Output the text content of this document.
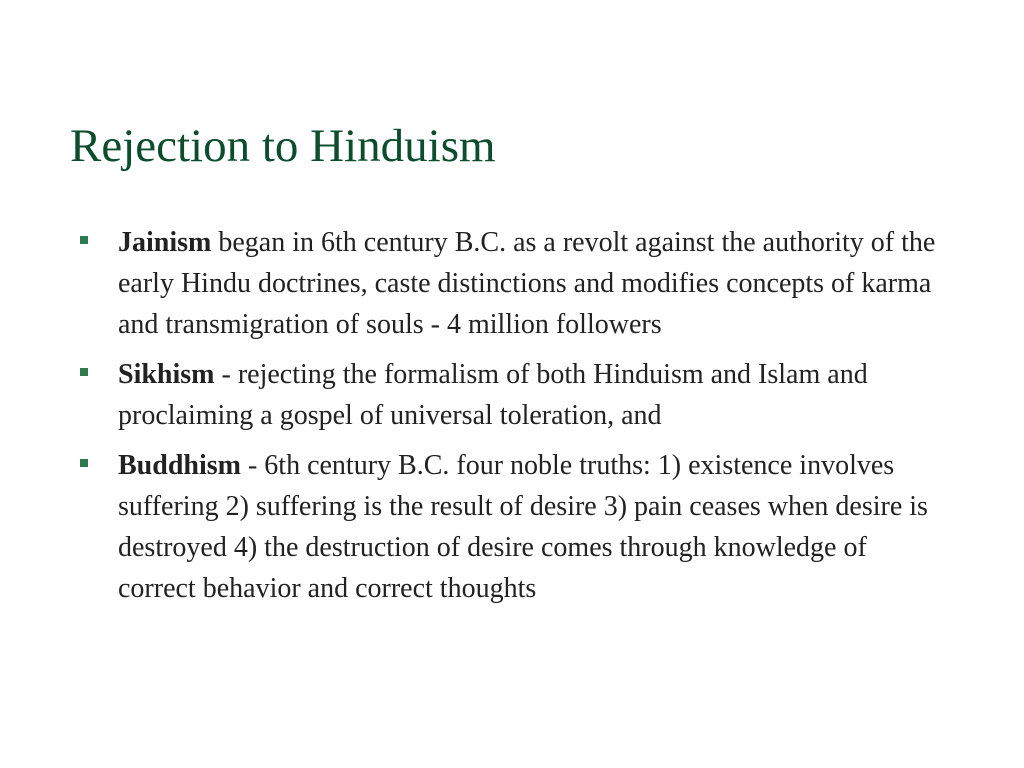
Rejection to Hinduism
Jainism began in 6th century B.C. as a revolt against the authority of the early Hindu doctrines, caste distinctions and modifies concepts of karma and transmigration of souls - 4 million followers
Sikhism - rejecting the formalism of both Hinduism and Islam and proclaiming a gospel of universal toleration, and
Buddhism - 6th century B.C. four noble truths: 1) existence involves suffering 2) suffering is the result of desire 3) pain ceases when desire is destroyed 4) the destruction of desire comes through knowledge of correct behavior and correct thoughts
